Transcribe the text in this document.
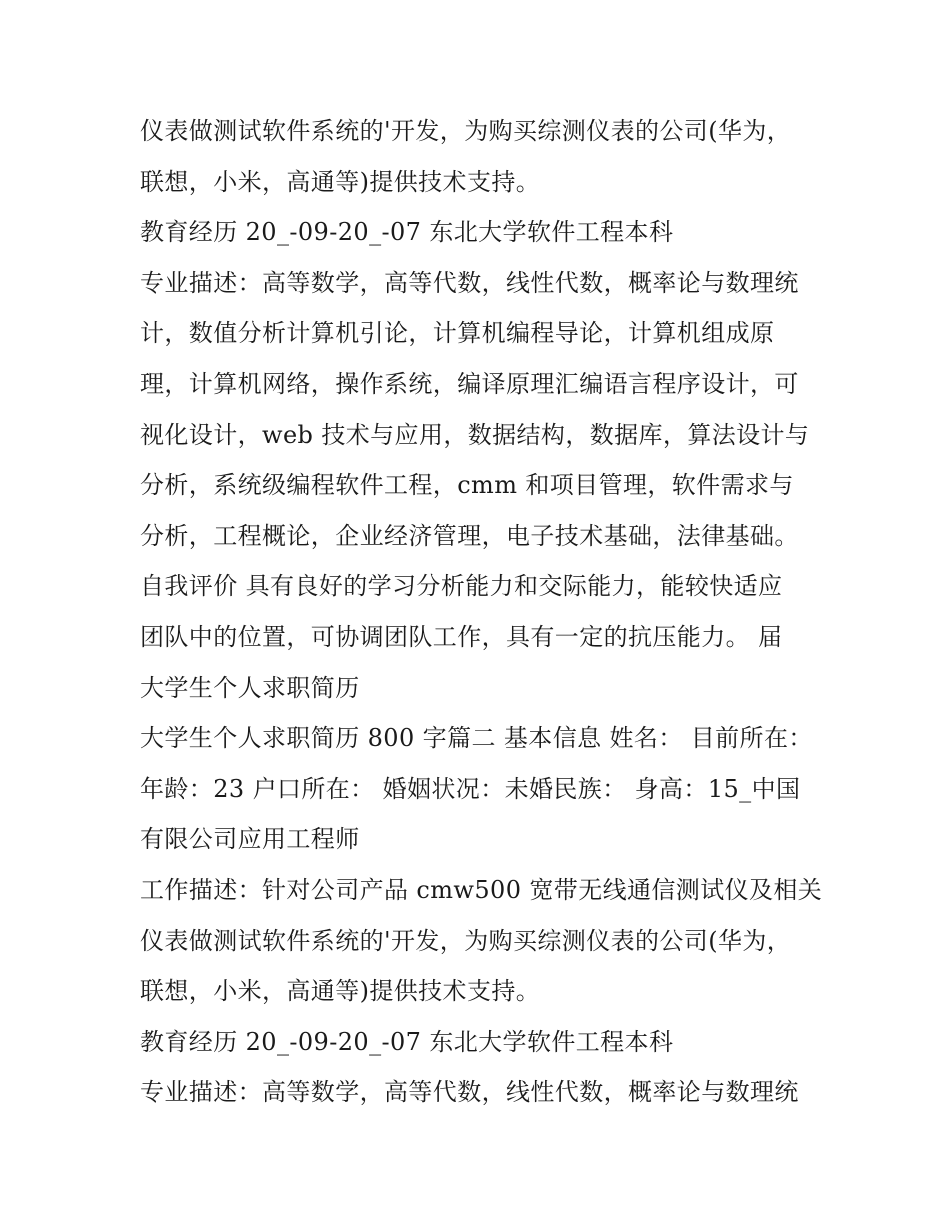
仪表做测试软件系统的'开发，为购买综测仪表的公司(华为，
联想，小米，高通等)提供技术支持。
教育经历 20_-09-20_-07 东北大学软件工程本科
专业描述：高等数学，高等代数，线性代数，概率论与数理统
计，数值分析计算机引论，计算机编程导论，计算机组成原
理，计算机网络，操作系统，编译原理汇编语言程序设计，可
视化设计，web 技术与应用，数据结构，数据库，算法设计与
分析，系统级编程软件工程，cmm 和项目管理，软件需求与
分析，工程概论，企业经济管理，电子技术基础，法律基础。
自我评价 具有良好的学习分析能力和交际能力，能较快适应
团队中的位置，可协调团队工作，具有一定的抗压能力。 届
大学生个人求职简历
大学生个人求职简历 800 字篇二 基本信息 姓名： 目前所在：
年龄：23 户口所在： 婚姻状况：未婚民族： 身高：15_中国
有限公司应用工程师
工作描述：针对公司产品 cmw500 宽带无线通信测试仪及相关
仪表做测试软件系统的'开发，为购买综测仪表的公司(华为，
联想，小米，高通等)提供技术支持。
教育经历 20_-09-20_-07 东北大学软件工程本科
专业描述：高等数学，高等代数，线性代数，概率论与数理统
